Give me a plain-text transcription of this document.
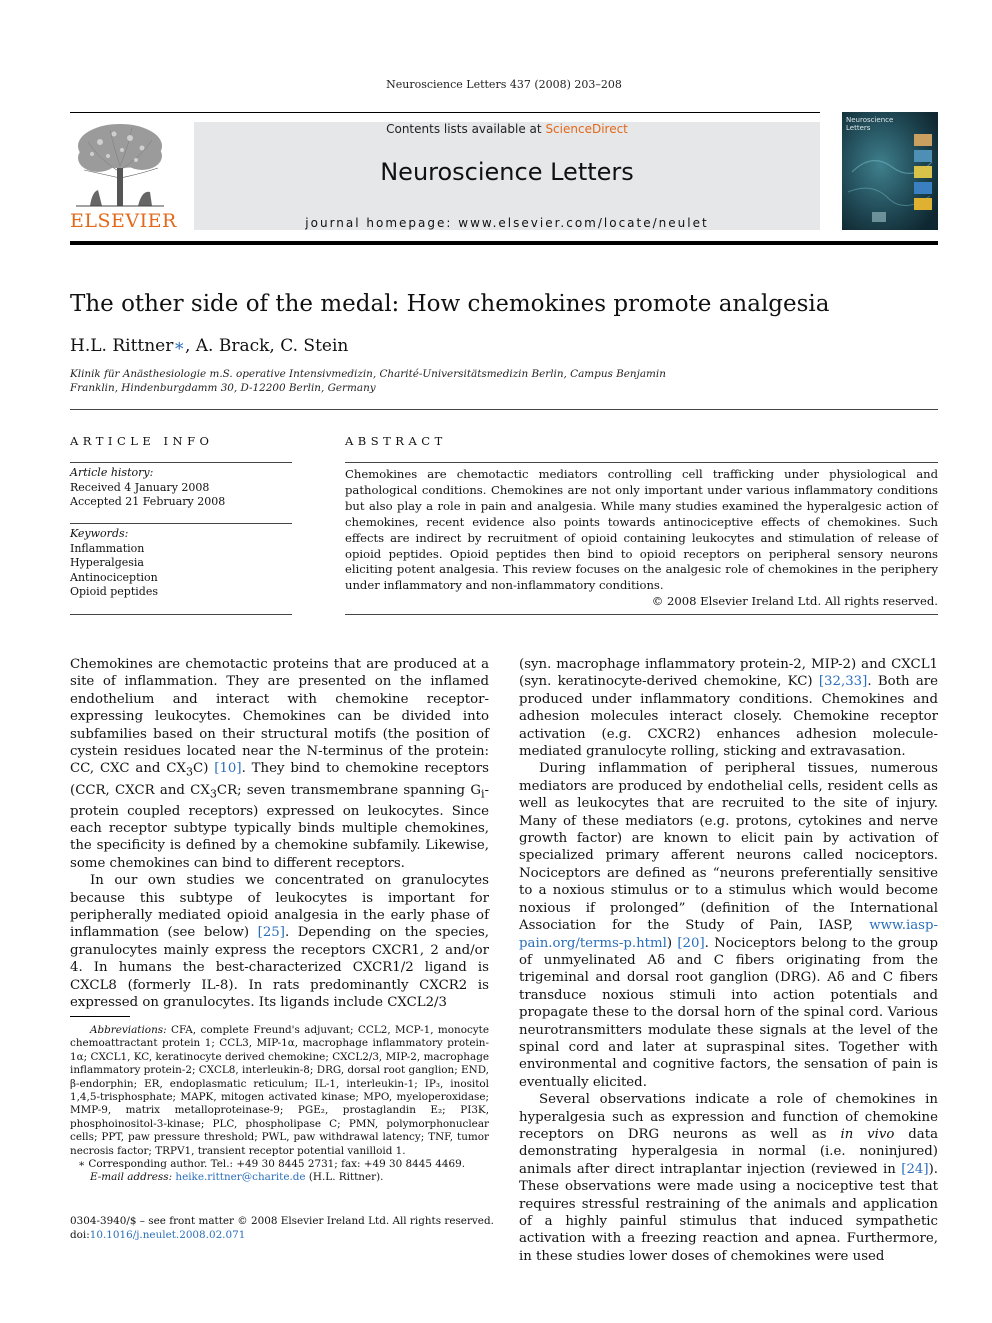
Neuroscience Letters 437 (2008) 203–208
ELSEVIER
Contents lists available at ScienceDirect
Neuroscience Letters
journal homepage: www.elsevier.com/locate/neulet
Neuroscience Letters
The other side of the medal: How chemokines promote analgesia
H.L. Rittner∗, A. Brack, C. Stein
Klinik für Anästhesiologie m.S. operative Intensivmedizin, Charité-Universitätsmedizin Berlin, Campus Benjamin Franklin, Hindenburgdamm 30, D-12200 Berlin, Germany
ARTICLE INFO
Article history:
Received 4 January 2008
Accepted 21 February 2008
Keywords:
Inflammation
Hyperalgesia
Antinociception
Opioid peptides
ABSTRACT
Chemokines are chemotactic mediators controlling cell trafficking under physiological and pathological conditions. Chemokines are not only important under various inflammatory conditions but also play a role in pain and analgesia. While many studies examined the hyperalgesic action of chemokines, recent evidence also points towards antinociceptive effects of chemokines. Such effects are indirect by recruitment of opioid containing leukocytes and stimulation of release of opioid peptides. Opioid peptides then bind to opioid receptors on peripheral sensory neurons eliciting potent analgesia. This review focuses on the analgesic role of chemokines in the periphery under inflammatory and non-inflammatory conditions.
© 2008 Elsevier Ireland Ltd. All rights reserved.

Chemokines are chemotactic proteins that are produced at a site of inflammation. They are presented on the inflamed endothelium and interact with chemokine receptor-expressing leukocytes. Chemokines can be divided into subfamilies based on their structural motifs (the position of cystein residues located near the N-terminus of the protein: CC, CXC and $CX_3C$) [10]. They bind to chemokine receptors (CCR, CXCR and $CX_3CR$; seven transmembrane spanning $G_i$-protein coupled receptors) expressed on leukocytes. Since each receptor subtype typically binds multiple chemokines, the specificity is defined by a chemokine subfamily. Likewise, some chemokines can bind to different receptors.

In our own studies we concentrated on granulocytes because this subtype of leukocytes is important for peripherally mediated opioid analgesia in the early phase of inflammation (see below) [25]. Depending on the species, granulocytes mainly express the receptors CXCR1, 2 and/or 4. In humans the best-characterized CXCR1/2 ligand is CXCL8 (formerly IL-8). In rats predominantly CXCR2 is expressed on granulocytes. Its ligands include CXCL2/3

(syn. macrophage inflammatory protein-2, MIP-2) and CXCL1 (syn. keratinocyte-derived chemokine, KC) [32,33]. Both are produced under inflammatory conditions. Chemokines and adhesion molecules interact closely. Chemokine receptor activation (e.g. CXCR2) enhances adhesion molecule-mediated granulocyte rolling, sticking and extravasation.

During inflammation of peripheral tissues, numerous mediators are produced by endothelial cells, resident cells as well as leukocytes that are recruited to the site of injury. Many of these mediators (e.g. protons, cytokines and nerve growth factor) are known to elicit pain by activation of specialized primary afferent neurons called nociceptors. Nociceptors are defined as “neurons preferentially sensitive to a noxious stimulus or to a stimulus which would become noxious if prolonged” (definition of the International Association for the Study of Pain, IASP, www.iasp-pain.org/terms-p.html) [20]. Nociceptors belong to the group of unmyelinated Aδ and C fibers originating from the trigeminal and dorsal root ganglion (DRG). Aδ and C fibers transduce noxious stimuli into action potentials and propagate these to the dorsal horn of the spinal cord. Various neurotransmitters modulate these signals at the level of the spinal cord and later at supraspinal sites. Together with environmental and cognitive factors, the sensation of pain is eventually elicited.

Several observations indicate a role of chemokines in hyperalgesia such as expression and function of chemokine receptors on DRG neurons as well as in vivo data demonstrating hyperalgesia in normal (i.e. noninjured) animals after direct intraplantar injection (reviewed in [24]). These observations were made using a nociceptive test that requires stressful restraining of the animals and application of a highly painful stimulus that induced sympathetic activation with a freezing reaction and apnea. Furthermore, in these studies lower doses of chemokines were used

Abbreviations: CFA, complete Freund's adjuvant; CCL2, MCP-1, monocyte chemoattractant protein 1; CCL3, MIP-1α, macrophage inflammatory protein-1α; CXCL1, KC, keratinocyte derived chemokine; CXCL2/3, MIP-2, macrophage inflammatory protein-2; CXCL8, interleukin-8; DRG, dorsal root ganglion; END, β-endorphin; ER, endoplasmatic reticulum; IL-1, interleukin-1; IP₃, inositol 1,4,5-trisphosphate; MAPK, mitogen activated kinase; MPO, myeloperoxidase; MMP-9, matrix metalloproteinase-9; PGE₂, prostaglandin E₂; PI3K, phosphoinositol-3-kinase; PLC, phospholipase C; PMN, polymorphonuclear cells; PPT, paw pressure threshold; PWL, paw withdrawal latency; TNF, tumor necrosis factor; TRPV1, transient receptor potential vanilloid 1.

∗ Corresponding author. Tel.: +49 30 8445 2731; fax: +49 30 8445 4469.

E-mail address: heike.rittner@charite.de (H.L. Rittner).

0304-3940/$ – see front matter © 2008 Elsevier Ireland Ltd. All rights reserved.
doi:10.1016/j.neulet.2008.02.071
